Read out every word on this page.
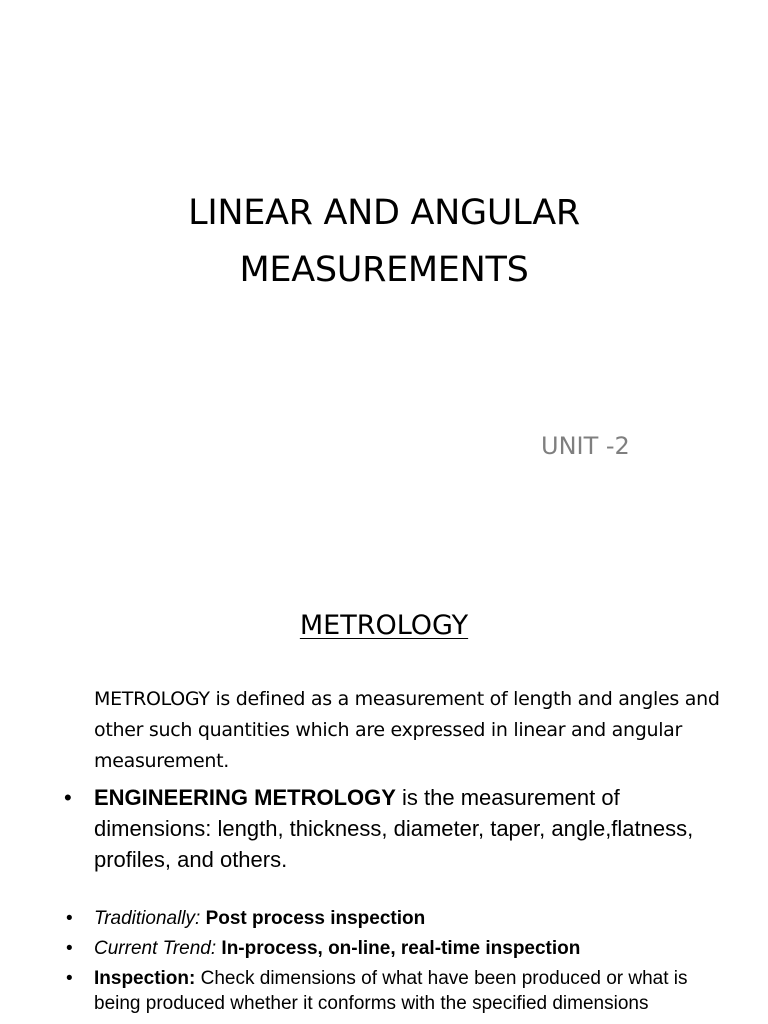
LINEAR AND ANGULAR
MEASUREMENTS
UNIT -2
METROLOGY
METROLOGY is defined as a measurement of length and angles and other such quantities which are expressed in linear and angular measurement.
• ENGINEERING METROLOGY is the measurement of dimensions: length, thickness, diameter, taper, angle,flatness, profiles, and others.
• Traditionally: Post process inspection
• Current Trend: In-process, on-line, real-time inspection
• Inspection: Check dimensions of what have been produced or what is being produced whether it conforms with the specified dimensions
